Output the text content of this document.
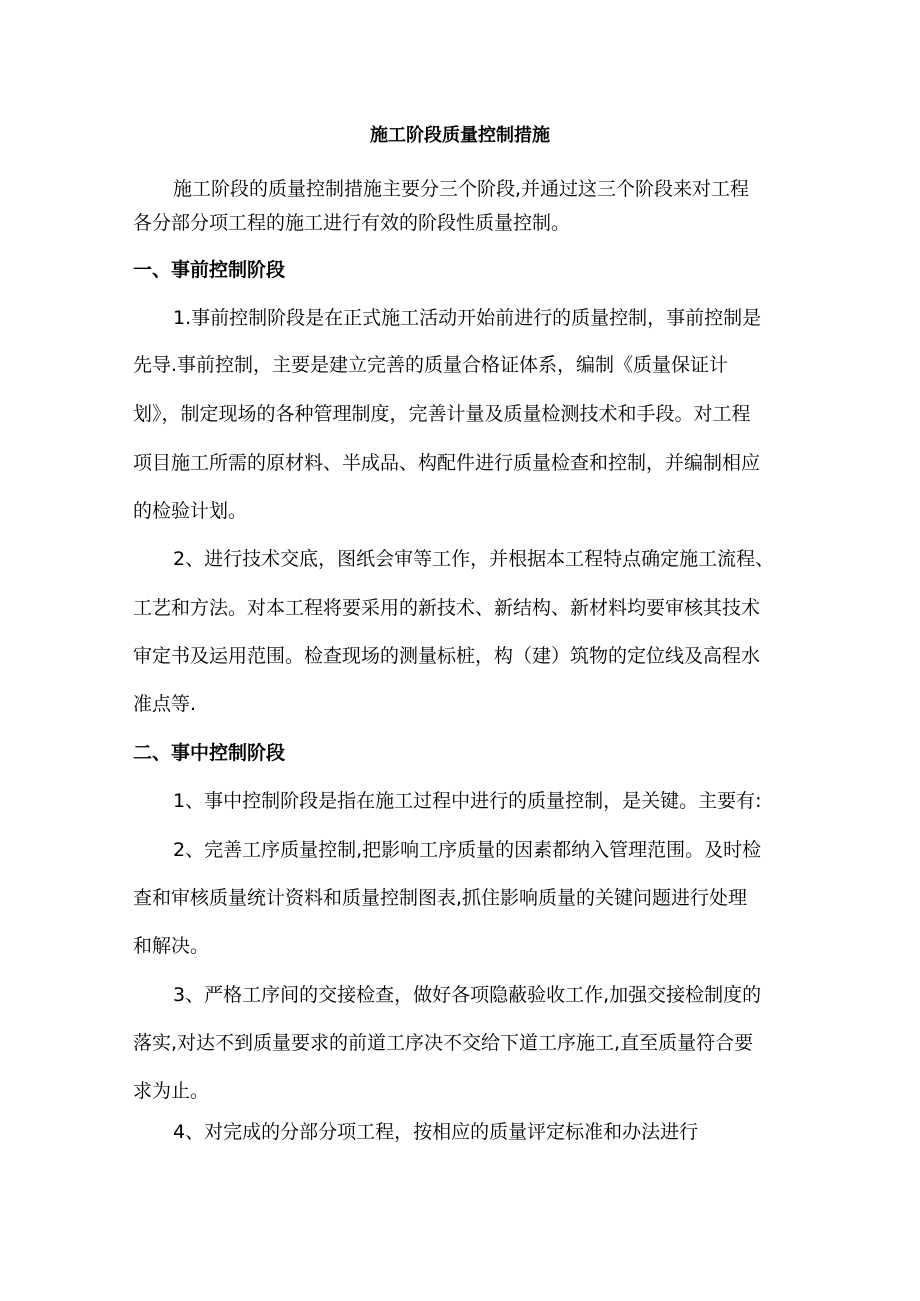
施工阶段质量控制措施
施工阶段的质量控制措施主要分三个阶段,并通过这三个阶段来对工程
各分部分项工程的施工进行有效的阶段性质量控制。
一、事前控制阶段
1.事前控制阶段是在正式施工活动开始前进行的质量控制，事前控制是
先导.事前控制，主要是建立完善的质量合格证体系，编制《质量保证计
划》，制定现场的各种管理制度，完善计量及质量检测技术和手段。对工程
项目施工所需的原材料、半成品、构配件进行质量检查和控制，并编制相应
的检验计划。
2、进行技术交底，图纸会审等工作，并根据本工程特点确定施工流程、
工艺和方法。对本工程将要采用的新技术、新结构、新材料均要审核其技术
审定书及运用范围。检查现场的测量标桩，构（建）筑物的定位线及高程水
准点等.
二、事中控制阶段
1、事中控制阶段是指在施工过程中进行的质量控制，是关键。主要有:
2、完善工序质量控制,把影响工序质量的因素都纳入管理范围。及时检
查和审核质量统计资料和质量控制图表,抓住影响质量的关键问题进行处理
和解决。
3、严格工序间的交接检查，做好各项隐蔽验收工作,加强交接检制度的
落实,对达不到质量要求的前道工序决不交给下道工序施工,直至质量符合要
求为止。
4、对完成的分部分项工程，按相应的质量评定标准和办法进行
